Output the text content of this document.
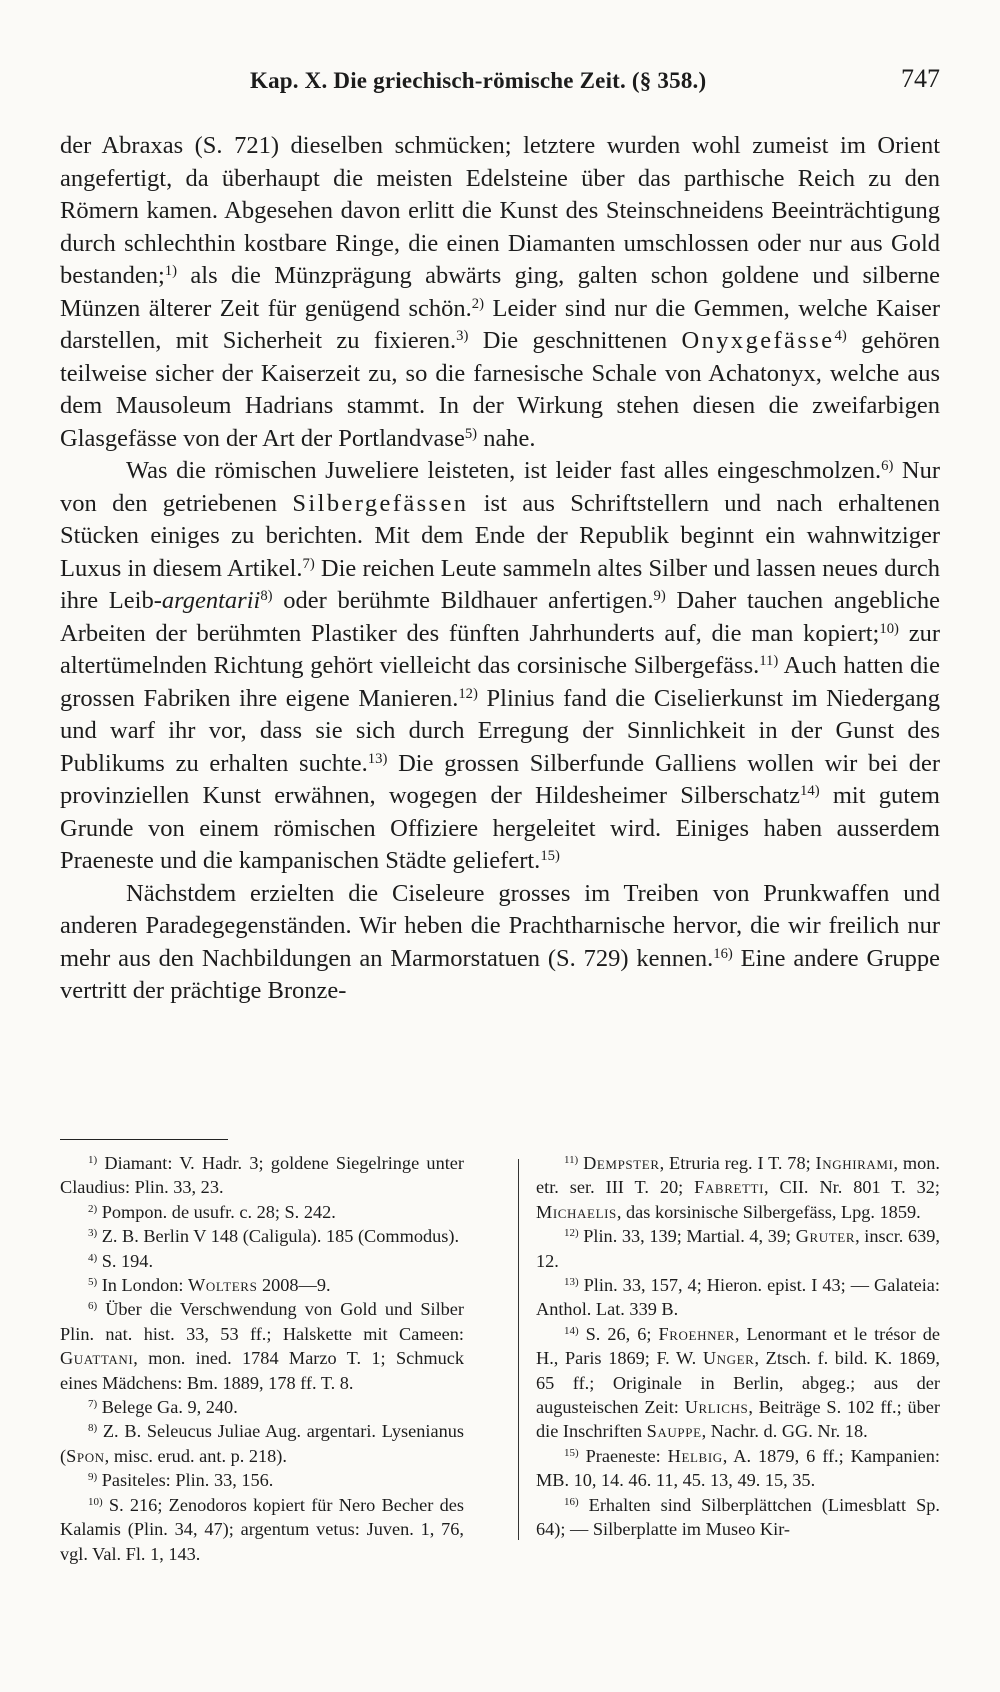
Kap. X. Die griechisch-römische Zeit. (§ 358.)	747

der Abraxas (S. 721) dieselben schmücken; letztere wurden wohl zumeist im Orient angefertigt, da überhaupt die meisten Edelsteine über das parthische Reich zu den Römern kamen. Abgesehen davon erlitt die Kunst des Steinschneidens Beeinträchtigung durch schlechthin kostbare Ringe, die einen Diamanten umschlossen oder nur aus Gold bestanden;$^{1)}$ als die Münzprägung abwärts ging, galten schon goldene und silberne Münzen älterer Zeit für genügend schön.$^{2)}$ Leider sind nur die Gemmen, welche Kaiser darstellen, mit Sicherheit zu fixieren.$^{3)}$ Die geschnittenen Onyxgefässe$^{4)}$ gehören teilweise sicher der Kaiserzeit zu, so die farnesische Schale von Achatonyx, welche aus dem Mausoleum Hadrians stammt. In der Wirkung stehen diesen die zweifarbigen Glasgefässe von der Art der Portlandvase$^{5)}$ nahe.

Was die römischen Juweliere leisteten, ist leider fast alles eingeschmolzen.$^{6)}$ Nur von den getriebenen Silbergefässen ist aus Schriftstellern und nach erhaltenen Stücken einiges zu berichten. Mit dem Ende der Republik beginnt ein wahnwitziger Luxus in diesem Artikel.$^{7)}$ Die reichen Leute sammeln altes Silber und lassen neues durch ihre Leib-argentarii$^{8)}$ oder berühmte Bildhauer anfertigen.$^{9)}$ Daher tauchen angebliche Arbeiten der berühmten Plastiker des fünften Jahrhunderts auf, die man kopiert;$^{10)}$ zur altertümelnden Richtung gehört vielleicht das corsinische Silbergefäss.$^{11)}$ Auch hatten die grossen Fabriken ihre eigene Manieren.$^{12)}$ Plinius fand die Ciselierkunst im Niedergang und warf ihr vor, dass sie sich durch Erregung der Sinnlichkeit in der Gunst des Publikums zu erhalten suchte.$^{13)}$ Die grossen Silberfunde Galliens wollen wir bei der provinziellen Kunst erwähnen, wogegen der Hildesheimer Silberschatz$^{14)}$ mit gutem Grunde von einem römischen Offiziere hergeleitet wird. Einiges haben ausserdem Praeneste und die kampanischen Städte geliefert.$^{15)}$

Nächstdem erzielten die Ciseleure grosses im Treiben von Prunkwaffen und anderen Paradegegenständen. Wir heben die Prachtharnische hervor, die wir freilich nur mehr aus den Nachbildungen an Marmorstatuen (S. 729) kennen.$^{16)}$ Eine andere Gruppe vertritt der prächtige Bronze-

$^{1)}$ Diamant: V. Hadr. 3; goldene Siegelringe unter Claudius: Plin. 33, 23.
$^{2)}$ Pompon. de usufr. c. 28; S. 242.
$^{3)}$ Z. B. Berlin V 148 (Caligula). 185 (Commodus).
$^{4)}$ S. 194.
$^{5)}$ In London: Wolters 2008—9.
$^{6)}$ Über die Verschwendung von Gold und Silber Plin. nat. hist. 33, 53 ff.; Halskette mit Cameen: Guattani, mon. ined. 1784 Marzo T. 1; Schmuck eines Mädchens: Bm. 1889, 178 ff. T. 8.
$^{7)}$ Belege Ga. 9, 240.
$^{8)}$ Z. B. Seleucus Juliae Aug. argentari. Lysenianus (Spon, misc. erud. ant. p. 218).
$^{9)}$ Pasiteles: Plin. 33, 156.
$^{10)}$ S. 216; Zenodoros kopiert für Nero Becher des Kalamis (Plin. 34, 47); argentum vetus: Juven. 1, 76, vgl. Val. Fl. 1, 143.
$^{11)}$ Dempster, Etruria reg. I T. 78; Inghirami, mon. etr. ser. III T. 20; Fabretti, CII. Nr. 801 T. 32; Michaelis, das korsinische Silbergefäss, Lpg. 1859.
$^{12)}$ Plin. 33, 139; Martial. 4, 39; Gruter, inscr. 639, 12.
$^{13)}$ Plin. 33, 157, 4; Hieron. epist. I 43; — Galateia: Anthol. Lat. 339 B.
$^{14)}$ S. 26, 6; Froehner, Lenormant et le trésor de H., Paris 1869; F. W. Unger, Ztsch. f. bild. K. 1869, 65 ff.; Originale in Berlin, abgeg.; aus der augusteischen Zeit: Urlichs, Beiträge S. 102 ff.; über die Inschriften Sauppe, Nachr. d. GG. Nr. 18.
$^{15)}$ Praeneste: Helbig, A. 1879, 6 ff.; Kampanien: MB. 10, 14. 46. 11, 45. 13, 49. 15, 35.
$^{16)}$ Erhalten sind Silberplättchen (Limesblatt Sp. 64); — Silberplatte im Museo Kir-
